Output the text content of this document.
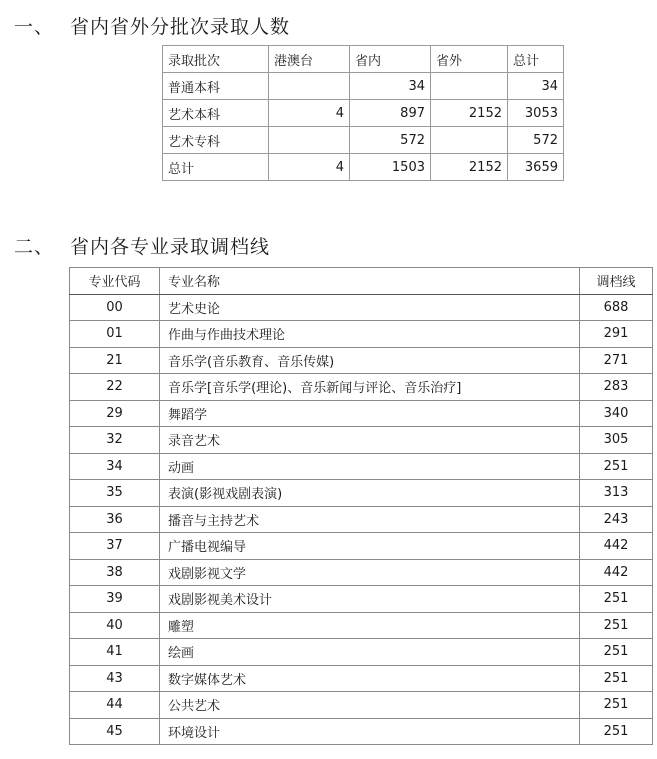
一、 省内省外分批次录取人数
录取批次	港澳台	省内	省外	总计
普通本科		34		34
艺术本科	4	897	2152	3053
艺术专科		572		572
总计	4	1503	2152	3659
二、 省内各专业录取调档线
专业代码	专业名称	调档线
00	艺术史论	688
01	作曲与作曲技术理论	291
21	音乐学(音乐教育、音乐传媒)	271
22	音乐学[音乐学(理论)、音乐新闻与评论、音乐治疗]	283
29	舞蹈学	340
32	录音艺术	305
34	动画	251
35	表演(影视戏剧表演)	313
36	播音与主持艺术	243
37	广播电视编导	442
38	戏剧影视文学	442
39	戏剧影视美术设计	251
40	雕塑	251
41	绘画	251
43	数字媒体艺术	251
44	公共艺术	251
45	环境设计	251
